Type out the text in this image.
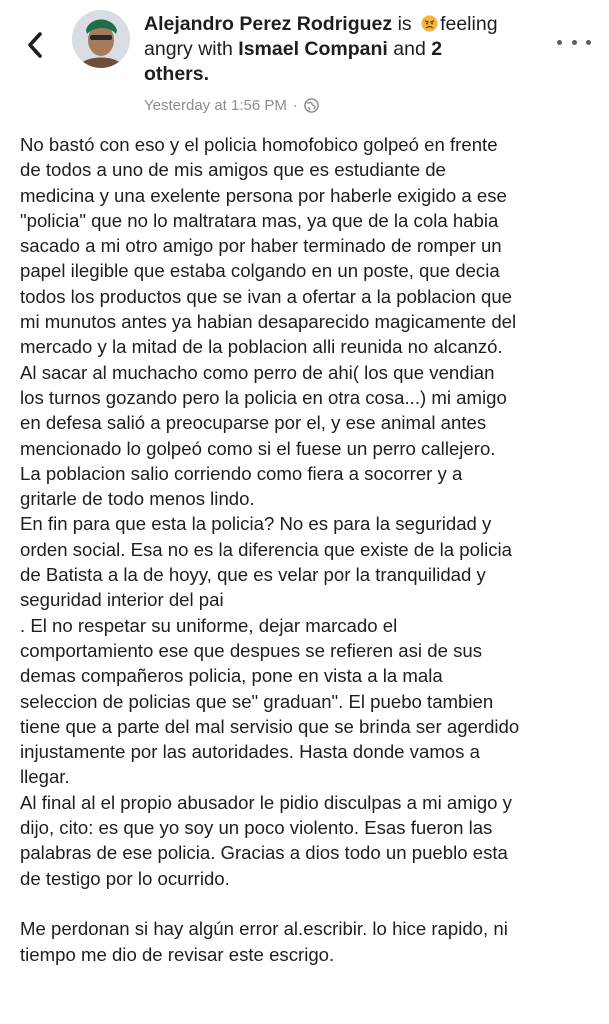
Alejandro Perez Rodriguez is feeling
angry with Ismael Compani and 2
others.
Yesterday at 1:56 PM ·
No bastó con eso y el policia homofobico golpeó en frente
de todos a uno de mis amigos que es estudiante de
medicina y una exelente persona por haberle exigido a ese
"policia" que no lo maltratara mas, ya que de la cola habia
sacado a mi otro amigo por haber terminado de romper un
papel ilegible que estaba colgando en un poste, que decia
todos los productos que se ivan a ofertar a la poblacion que
mi munutos antes ya habian desaparecido magicamente del
mercado y la mitad de la poblacion alli reunida no alcanzó.
Al sacar al muchacho como perro de ahi( los que vendian
los turnos gozando pero la policia en otra cosa...) mi amigo
en defesa salió a preocuparse por el, y ese animal antes
mencionado lo golpeó como si el fuese un perro callejero.
La poblacion salio corriendo como fiera a socorrer y a
gritarle de todo menos lindo.
En fin para que esta la policia? No es para la seguridad y
orden social. Esa no es la diferencia que existe de la policia
de Batista a la de hoyy, que es velar por la tranquilidad y
seguridad interior del pai
. El no respetar su uniforme, dejar marcado el
comportamiento ese que despues se refieren asi de sus
demas compañeros policia, pone en vista a la mala
seleccion de policias que se" graduan". El puebo tambien
tiene que a parte del mal servisio que se brinda ser agerdido
injustamente por las autoridades. Hasta donde vamos a
llegar.
Al final al el propio abusador le pidio disculpas a mi amigo y
dijo, cito: es que yo soy un poco violento. Esas fueron las
palabras de ese policia. Gracias a dios todo un pueblo esta
de testigo por lo ocurrido.
Me perdonan si hay algún error al.escribir. lo hice rapido, ni
tiempo me dio de revisar este escrigo.
